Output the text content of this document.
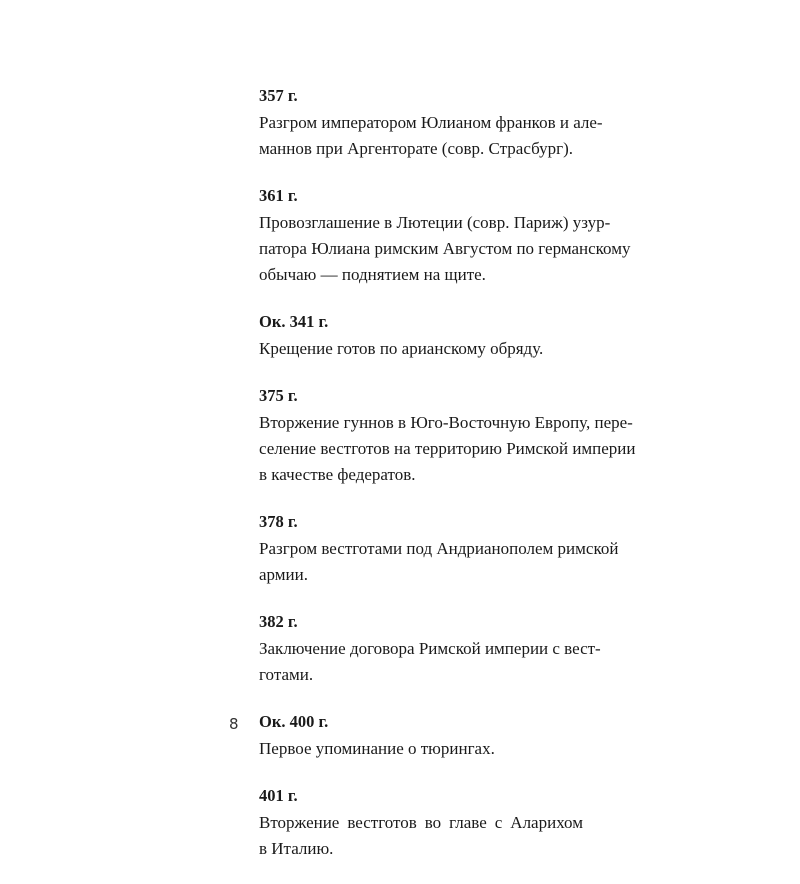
357 г.
Разгром императором Юлианом франков и але-
маннов при Аргенторате (совр. Страсбург).
361 г.
Провозглашение в Лютеции (совр. Париж) узур-
патора Юлиана римским Августом по германскому
обычаю — поднятием на щите.
Ок. 341 г.
Крещение готов по арианскому обряду.
375 г.
Вторжение гуннов в Юго-Восточную Европу, пере-
селение вестготов на территорию Римской империи
в качестве федератов.
378 г.
Разгром вестготами под Андрианополем римской
армии.
382 г.
Заключение договора Римской империи с вест-
готами.
Ок. 400 г.
Первое упоминание о тюрингах.
401 г.
Вторжение вестготов во главе с Аларихом
в Италию.
8
